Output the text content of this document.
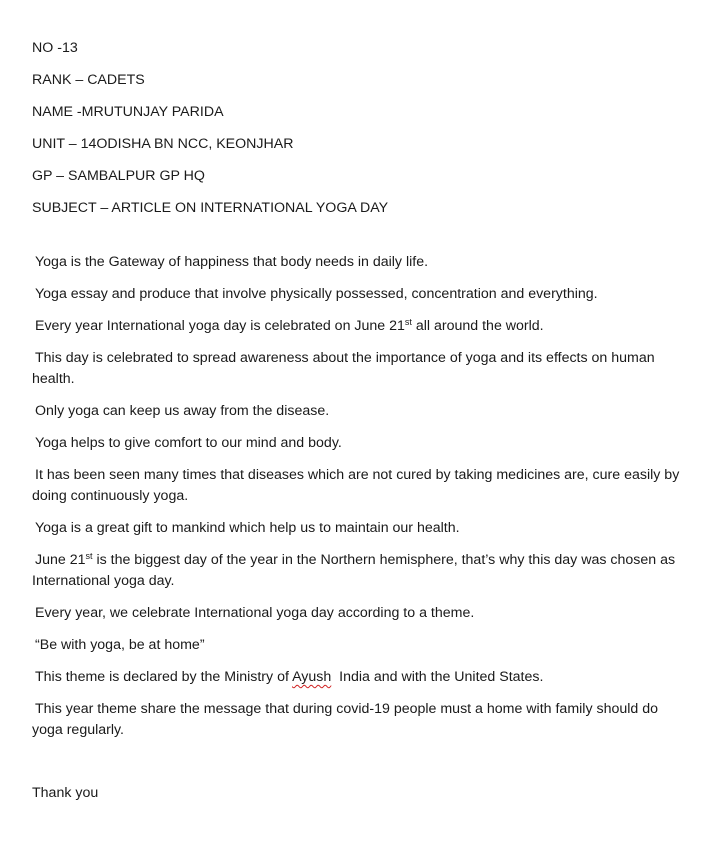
NO -13

RANK – CADETS

NAME -MRUTUNJAY PARIDA

UNIT – 14ODISHA BN NCC, KEONJHAR

GP – SAMBALPUR GP HQ

SUBJECT – ARTICLE ON INTERNATIONAL YOGA DAY

Yoga is the Gateway of happiness that body needs in daily life.

Yoga essay and produce that involve physically possessed, concentration and everything.

Every year International yoga day is celebrated on June 21st all around the world.

This day is celebrated to spread awareness about the importance of yoga and its effects on human health.

Only yoga can keep us away from the disease.

Yoga helps to give comfort to our mind and body.

It has been seen many times that diseases which are not cured by taking medicines are, cure easily by doing continuously yoga.

Yoga is a great gift to mankind which help us to maintain our health.

June 21st is the biggest day of the year in the Northern hemisphere, that’s why this day was chosen as International yoga day.

Every year, we celebrate International yoga day according to a theme.

“Be with yoga, be at home”

This theme is declared by the Ministry of Ayush  India and with the United States.

This year theme share the message that during covid-19 people must a home with family should do yoga regularly.

Thank you
